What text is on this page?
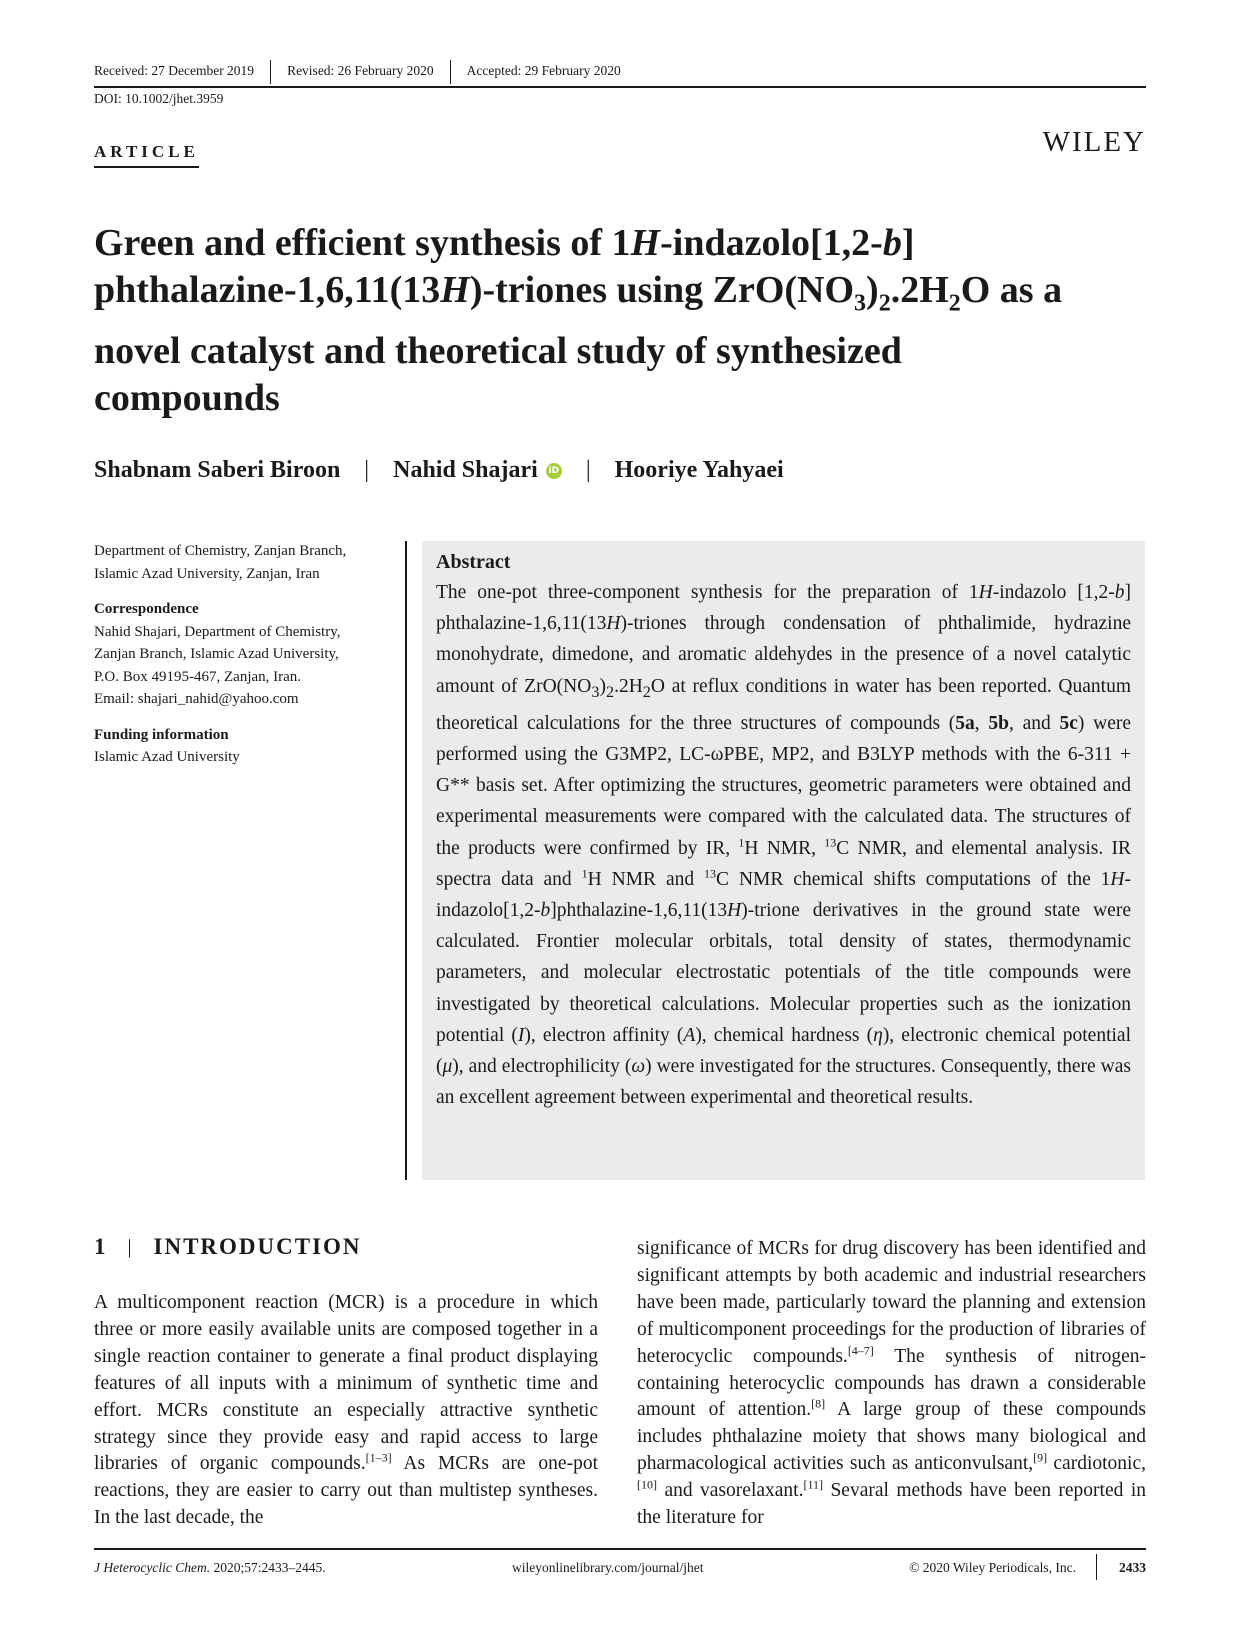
Received: 27 December 2019	Revised: 26 February 2020	Accepted: 29 February 2020
DOI: 10.1002/jhet.3959
ARTICLE	WILEY
Green and efficient synthesis of 1H-indazolo[1,2-b]
phthalazine-1,6,11(13H)-triones using $ZrO(NO_3)_2.2H_2O$ as a
novel catalyst and theoretical study of synthesized
compounds
Shabnam Saberi Biroon | Nahid Shajari	iD | Hooriye Yahyaei
Department of Chemistry, Zanjan Branch,
Islamic Azad University, Zanjan, Iran
Correspondence
Nahid Shajari, Department of Chemistry,
Zanjan Branch, Islamic Azad University,
P.O. Box 49195-467, Zanjan, Iran.
Email: shajari_nahid@yahoo.com
Funding information
Islamic Azad University
Abstract
The one-pot three-component synthesis for the preparation of 1H-indazolo [1,2-b] phthalazine-1,6,11(13H)-triones through condensation of phthalimide, hydrazine monohydrate, dimedone, and aromatic aldehydes in the presence of a novel catalytic amount of $ZrO(NO_3)_2.2H_2O$ at reflux conditions in water has been reported. Quantum theoretical calculations for the three structures of compounds (5a, 5b, and 5c) were performed using the G3MP2, LC-ωPBE, MP2, and B3LYP methods with the 6-311 + G** basis set. After optimizing the structures, geometric parameters were obtained and experimental measurements were compared with the calculated data. The structures of the products were confirmed by IR, $^1$H NMR, $^{13}$C NMR, and elemental analysis. IR spectra data and $^1$H NMR and $^{13}$C NMR chemical shifts computations of the 1H-indazolo[1,2-b]phthalazine-1,6,11(13H)-trione derivatives in the ground state were calculated. Frontier molecular orbitals, total density of states, thermodynamic parameters, and molecular electrostatic potentials of the title compounds were investigated by theoretical calculations. Molecular properties such as the ionization potential (I), electron affinity (A), chemical hardness (η), electronic chemical potential (μ), and electrophilicity (ω) were investigated for the structures. Consequently, there was an excellent agreement between experimental and theoretical results.
1 | INTRODUCTION
A multicomponent reaction (MCR) is a procedure in which three or more easily available units are composed together in a single reaction container to generate a final product displaying features of all inputs with a minimum of synthetic time and effort. MCRs constitute an especially attractive synthetic strategy since they provide easy and rapid access to large libraries of organic compounds.[1–3] As MCRs are one-pot reactions, they are easier to carry out than multistep syntheses. In the last decade, the
significance of MCRs for drug discovery has been identified and significant attempts by both academic and industrial researchers have been made, particularly toward the planning and extension of multicomponent proceedings for the production of libraries of heterocyclic compounds.[4–7] The synthesis of nitrogen-containing heterocyclic compounds has drawn a considerable amount of attention.[8] A large group of these compounds includes phthalazine moiety that shows many biological and pharmacological activities such as anticonvulsant,[9] cardiotonic,[10] and vasorelaxant.[11] Sevaral methods have been reported in the literature for
J Heterocyclic Chem. 2020;57:2433–2445.	wileyonlinelibrary.com/journal/jhet	© 2020 Wiley Periodicals, Inc.	2433
